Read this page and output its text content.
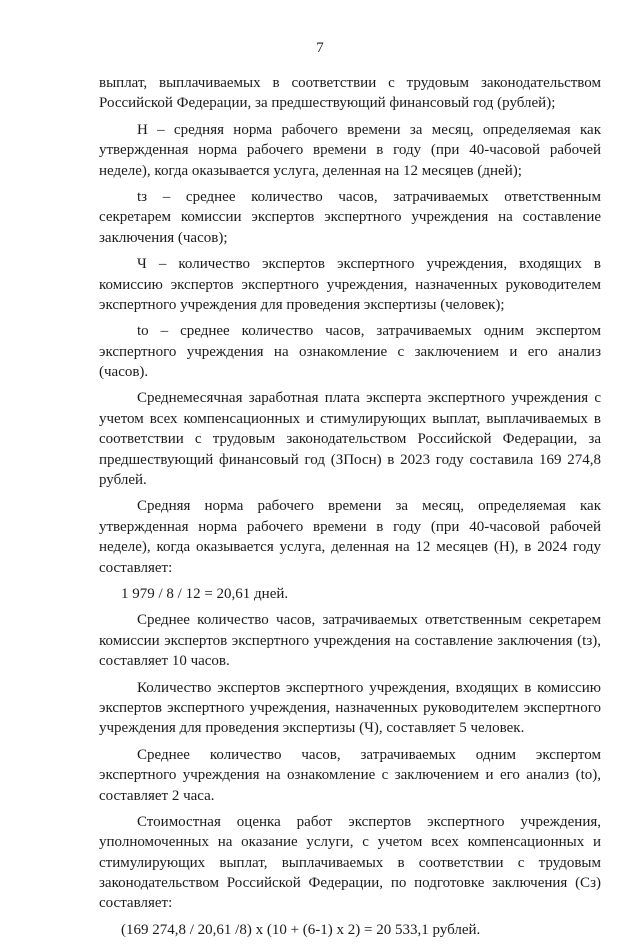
7
выплат, выплачиваемых в соответствии с трудовым законодательством
Российской Федерации, за предшествующий финансовый год (рублей);
Н – средняя норма рабочего времени за месяц, определяемая как
утвержденная норма рабочего времени в году (при 40-часовой рабочей
неделе), когда оказывается услуга, деленная на 12 месяцев (дней);
tз – среднее количество часов, затрачиваемых ответственным
секретарем комиссии экспертов экспертного учреждения на составление
заключения (часов);
Ч – количество экспертов экспертного учреждения, входящих в
комиссию экспертов экспертного учреждения, назначенных руководителем
экспертного учреждения для проведения экспертизы (человек);
tо – среднее количество часов, затрачиваемых одним экспертом
экспертного учреждения на ознакомление с заключением и его анализ
(часов).
Среднемесячная заработная плата эксперта экспертного учреждения с
учетом всех компенсационных и стимулирующих выплат, выплачиваемых в
соответствии с трудовым законодательством Российской Федерации, за
предшествующий финансовый год (ЗПосн) в 2023 году составила 169 274,8
рублей.
Средняя норма рабочего времени за месяц, определяемая как
утвержденная норма рабочего времени в году (при 40-часовой рабочей
неделе), когда оказывается услуга, деленная на 12 месяцев (Н), в 2024 году
составляет:
1 979 / 8 / 12 = 20,61 дней.
Среднее количество часов, затрачиваемых ответственным секретарем
комиссии экспертов экспертного учреждения на составление заключения (tз),
составляет 10 часов.
Количество экспертов экспертного учреждения, входящих в комиссию
экспертов экспертного учреждения, назначенных руководителем экспертного
учреждения для проведения экспертизы (Ч), составляет 5 человек.
Среднее количество часов, затрачиваемых одним экспертом
экспертного учреждения на ознакомление с заключением и его анализ (tо),
составляет 2 часа.
Стоимостная оценка работ экспертов экспертного учреждения,
уполномоченных на оказание услуги, с учетом всех компенсационных и
стимулирующих выплат, выплачиваемых в соответствии с трудовым
законодательством Российской Федерации, по подготовке заключения (Сз)
составляет:
(169 274,8 / 20,61 /8) х (10 + (6-1) х 2) = 20 533,1 рублей.
